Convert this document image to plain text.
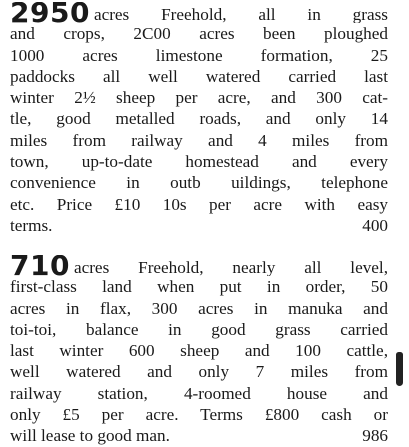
2950 acres Freehold, all in grass
and crops, 2C00 acres been ploughed
1000 acres limestone formation, 25
paddocks all well watered carried last
winter 2½ sheep per acre, and 300 cat-
tle, good metalled roads, and only 14
miles from railway and 4 miles from
town, up-to-date homestead and every
convenience in outb uildings, telephone
etc. Price £10 10s per acre with easy
terms.	400
710 acres Freehold, nearly all level,
first-class land when put in order, 50
acres in flax, 300 acres in manuka and
toi-toi, balance in good grass carried
last winter 600 sheep and 100 cattle,
well watered and only 7 miles from
railway station, 4-roomed house and
only £5 per acre. Terms £800 cash or
will lease to good man.	986
